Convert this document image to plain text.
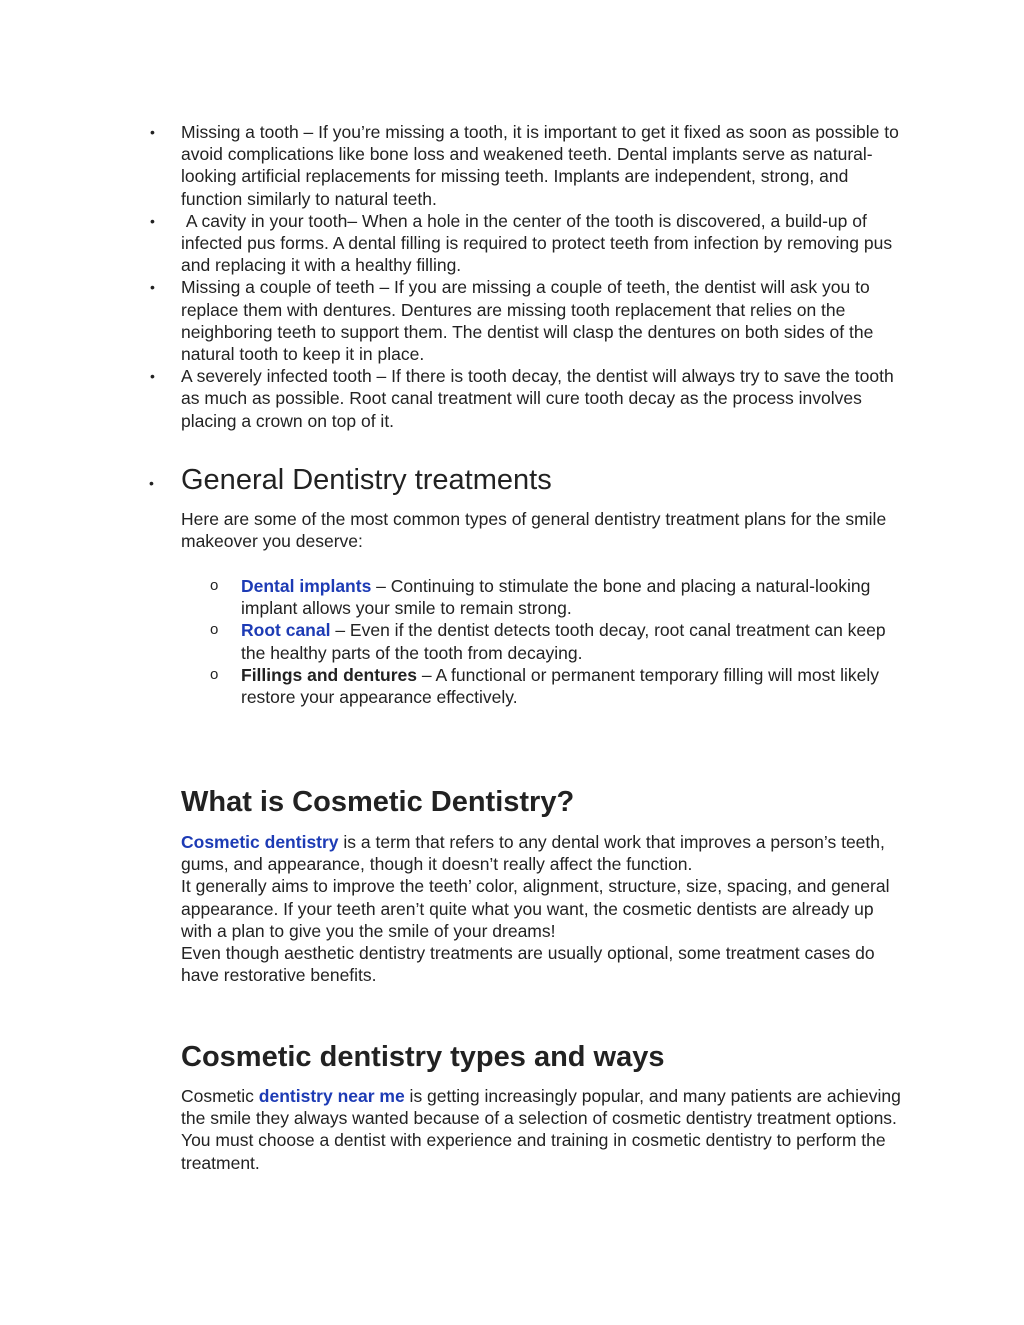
• Missing a tooth – If you’re missing a tooth, it is important to get it fixed as soon as possible to avoid complications like bone loss and weakened teeth. Dental implants serve as natural-looking artificial replacements for missing teeth. Implants are independent, strong, and function similarly to natural teeth.
• A cavity in your tooth– When a hole in the center of the tooth is discovered, a build-up of infected pus forms. A dental filling is required to protect teeth from infection by removing pus and replacing it with a healthy filling.
• Missing a couple of teeth – If you are missing a couple of teeth, the dentist will ask you to replace them with dentures. Dentures are missing tooth replacement that relies on the neighboring teeth to support them. The dentist will clasp the dentures on both sides of the natural tooth to keep it in place.
• A severely infected tooth – If there is tooth decay, the dentist will always try to save the tooth as much as possible. Root canal treatment will cure tooth decay as the process involves placing a crown on top of it.
• General Dentistry treatments

Here are some of the most common types of general dentistry treatment plans for the smile makeover you deserve:

o Dental implants – Continuing to stimulate the bone and placing a natural-looking implant allows your smile to remain strong.
o Root canal – Even if the dentist detects tooth decay, root canal treatment can keep the healthy parts of the tooth from decaying.
o Fillings and dentures – A functional or permanent temporary filling will most likely restore your appearance effectively.
What is Cosmetic Dentistry?
Cosmetic dentistry is a term that refers to any dental work that improves a person’s teeth, gums, and appearance, though it doesn’t really affect the function.
It generally aims to improve the teeth’ color, alignment, structure, size, spacing, and general appearance. If your teeth aren’t quite what you want, the cosmetic dentists are already up with a plan to give you the smile of your dreams!
Even though aesthetic dentistry treatments are usually optional, some treatment cases do have restorative benefits.
Cosmetic dentistry types and ways

Cosmetic dentistry near me is getting increasingly popular, and many patients are achieving the smile they always wanted because of a selection of cosmetic dentistry treatment options. You must choose a dentist with experience and training in cosmetic dentistry to perform the treatment.
